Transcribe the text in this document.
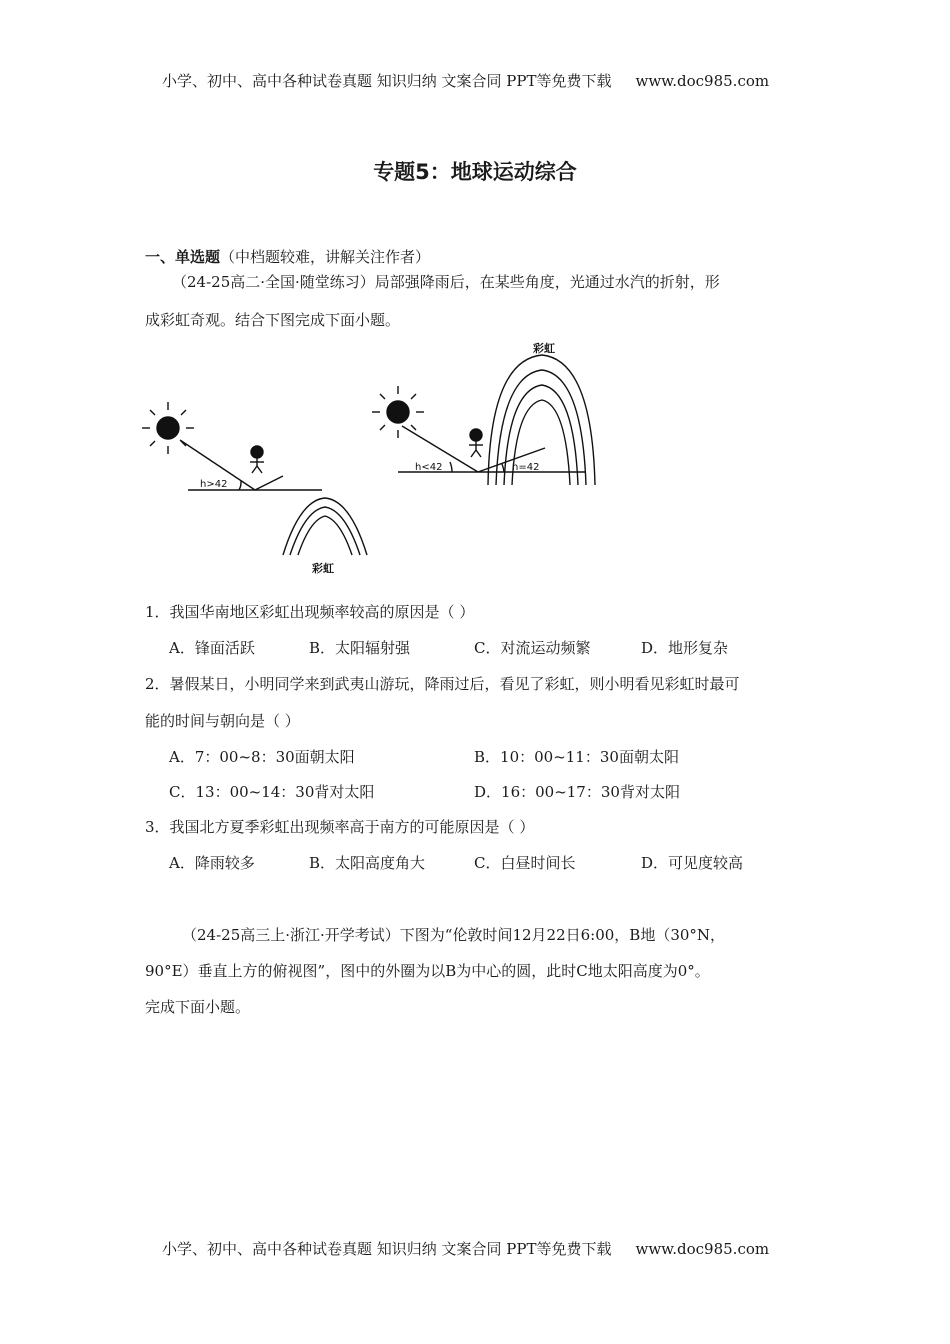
小学、初中、高中各种试卷真题 知识归纳 文案合同 PPT等免费下载 www.doc985.com
专题5：地球运动综合
一、单选题（中档题较难，讲解关注作者）
（24-25高二·全国·随堂练习）局部强降雨后，在某些角度，光通过水汽的折射，形
成彩虹奇观。结合下图完成下面小题。
h>42
彩虹
h<42	h=42
彩虹
1．我国华南地区彩虹出现频率较高的原因是（ ）
A．锋面活跃	B．太阳辐射强	C．对流运动频繁	D．地形复杂
2．暑假某日，小明同学来到武夷山游玩，降雨过后，看见了彩虹，则小明看见彩虹时最可
能的时间与朝向是（ ）
A．7：00~8：30面朝太阳	B．10：00~11：30面朝太阳
C．13：00~14：30背对太阳	D．16：00~17：30背对太阳
3．我国北方夏季彩虹出现频率高于南方的可能原因是（ ）
A．降雨较多	B．太阳高度角大	C．白昼时间长	D．可见度较高
（24-25高三上·浙江·开学考试）下图为“伦敦时间12月22日6:00，B地（30°N，
90°E）垂直上方的俯视图”，图中的外圈为以B为中心的圆，此时C地太阳高度为0°。
完成下面小题。
小学、初中、高中各种试卷真题 知识归纳 文案合同 PPT等免费下载 www.doc985.com
